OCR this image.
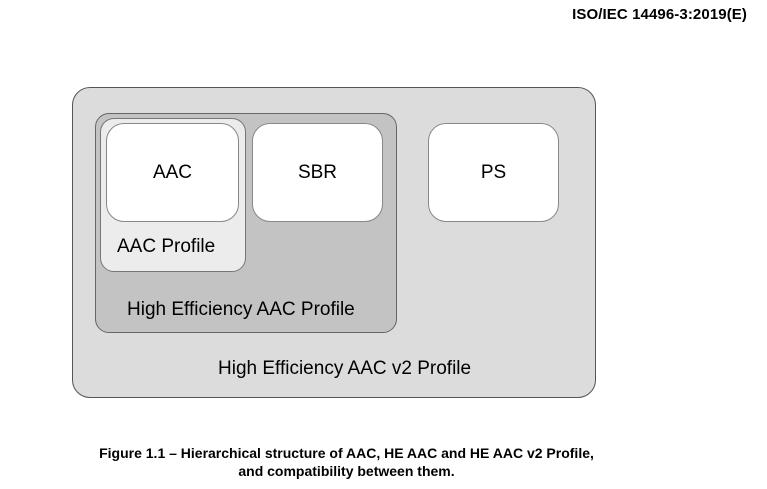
ISO/IEC 14496-3:2019(E)
AAC	SBR	PS
AAC Profile
High Efficiency AAC Profile
High Efficiency AAC v2 Profile
Figure 1.1 – Hierarchical structure of AAC, HE AAC and HE AAC v2 Profile,
and compatibility between them.
